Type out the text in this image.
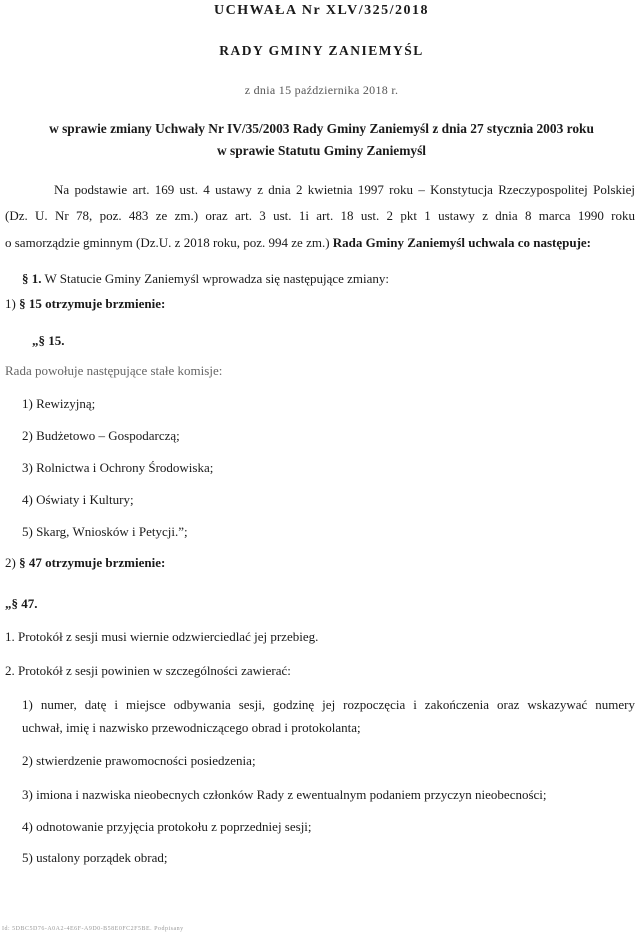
UCHWAŁA Nr XLV/325/2018
RADY GMINY ZANIEMYŚL
z dnia 15 października 2018 r.
w sprawie zmiany Uchwały Nr IV/35/2003 Rady Gminy Zaniemyśl z dnia 27 stycznia 2003 roku
w sprawie Statutu Gminy Zaniemyśl
Na podstawie art. 169 ust. 4 ustawy z dnia 2 kwietnia 1997 roku – Konstytucja Rzeczypospolitej Polskiej
(Dz. U. Nr 78, poz. 483 ze zm.) oraz art. 3 ust. 1i art. 18 ust. 2 pkt 1 ustawy z dnia 8 marca 1990 roku
o samorządzie gminnym (Dz.U. z 2018 roku, poz. 994 ze zm.) Rada Gminy Zaniemyśl uchwala co następuje:
§ 1. W Statucie Gminy Zaniemyśl wprowadza się następujące zmiany:
1) § 15 otrzymuje brzmienie:
„§ 15.
Rada powołuje następujące stałe komisje:
1) Rewizyjną;
2) Budżetowo – Gospodarczą;
3) Rolnictwa i Ochrony Środowiska;
4) Oświaty i Kultury;
5) Skarg, Wniosków i Petycji.”;
2) § 47 otrzymuje brzmienie:
„§ 47.
1. Protokół z sesji musi wiernie odzwierciedlać jej przebieg.
2. Protokół z sesji powinien w szczególności zawierać:
1) numer, datę i miejsce odbywania sesji, godzinę jej rozpoczęcia i zakończenia oraz wskazywać numery
uchwał, imię i nazwisko przewodniczącego obrad i protokolanta;
2) stwierdzenie prawomocności posiedzenia;
3) imiona i nazwiska nieobecnych członków Rady z ewentualnym podaniem przyczyn nieobecności;
4) odnotowanie przyjęcia protokołu z poprzedniej sesji;
5) ustalony porządek obrad;
Id: 5DBC5D76-A0A2-4E6F-A9D0-B58E0FC2F5BE. Podpisany
